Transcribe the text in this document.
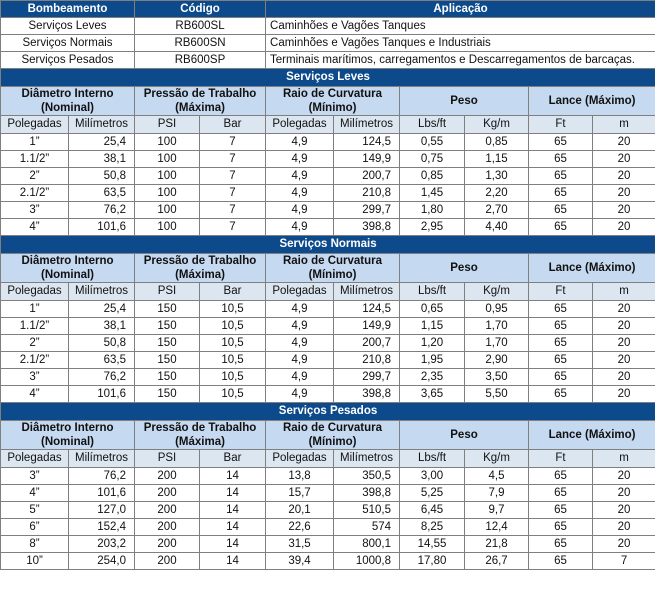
Bombeamento		Código		Aplicação					
Serviços Leves		RB600SL		Caminhões e Vagões Tanques					
Serviços Normais		RB600SN		Caminhões e Vagões Tanques e Industriais					
Serviços Pesados		RB600SP		Terminais marítimos, carregamentos e Descarregamentos de barcaças.					
Serviços Leves									
Diâmetro Interno (Nominal)		Pressão de Trabalho (Máxima)		Raio de Curvatura (Mínimo)		Peso		Lance (Máximo)	
Polegadas	Milímetros	PSI	Bar	Polegadas	Milímetros	Lbs/ft	Kg/m	Ft	m
1”	25,4	100	7	4,9	124,5	0,55	0,85	65	20
1.1/2”	38,1	100	7	4,9	149,9	0,75	1,15	65	20
2”	50,8	100	7	4,9	200,7	0,85	1,30	65	20
2.1/2”	63,5	100	7	4,9	210,8	1,45	2,20	65	20
3”	76,2	100	7	4,9	299,7	1,80	2,70	65	20
4”	101,6	100	7	4,9	398,8	2,95	4,40	65	20
Serviços Normais									
Diâmetro Interno (Nominal)		Pressão de Trabalho (Máxima)		Raio de Curvatura (Mínimo)		Peso		Lance (Máximo)	
Polegadas	Milímetros	PSI	Bar	Polegadas	Milímetros	Lbs/ft	Kg/m	Ft	m
1”	25,4	150	10,5	4,9	124,5	0,65	0,95	65	20
1.1/2”	38,1	150	10,5	4,9	149,9	1,15	1,70	65	20
2”	50,8	150	10,5	4,9	200,7	1,20	1,70	65	20
2.1/2”	63,5	150	10,5	4,9	210,8	1,95	2,90	65	20
3”	76,2	150	10,5	4,9	299,7	2,35	3,50	65	20
4”	101,6	150	10,5	4,9	398,8	3,65	5,50	65	20
Serviços Pesados									
Diâmetro Interno (Nominal)		Pressão de Trabalho (Máxima)		Raio de Curvatura (Mínimo)		Peso		Lance (Máximo)	
Polegadas	Milímetros	PSI	Bar	Polegadas	Milímetros	Lbs/ft	Kg/m	Ft	m
3”	76,2	200	14	13,8	350,5	3,00	4,5	65	20
4”	101,6	200	14	15,7	398,8	5,25	7,9	65	20
5”	127,0	200	14	20,1	510,5	6,45	9,7	65	20
6”	152,4	200	14	22,6	574	8,25	12,4	65	20
8”	203,2	200	14	31,5	800,1	14,55	21,8	65	20
10”	254,0	200	14	39,4	1000,8	17,80	26,7	65	7
